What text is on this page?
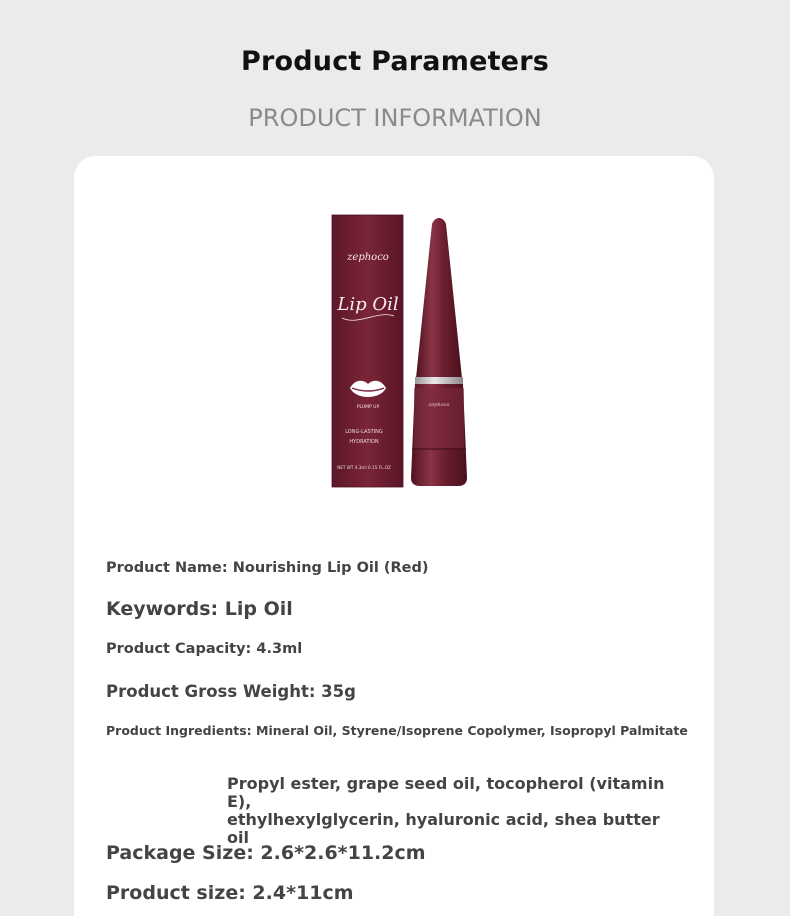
Product Parameters
PRODUCT INFORMATION
zephoco
Lip Oil
PLUMP UP
LONG-LASTING
HYDRATION
NET WT 4.3ml 0.15 FL.OZ
zephoco
Product Name: Nourishing Lip Oil (Red)
Keywords: Lip Oil
Product Capacity: 4.3ml
Product Gross Weight: 35g
Product Ingredients: Mineral Oil, Styrene/Isoprene Copolymer, Isopropyl Palmitate
Propyl ester, grape seed oil, tocopherol (vitamin E),
ethylhexylglycerin, hyaluronic acid, shea butter oil
Package Size: 2.6*2.6*11.2cm
Product size: 2.4*11cm
